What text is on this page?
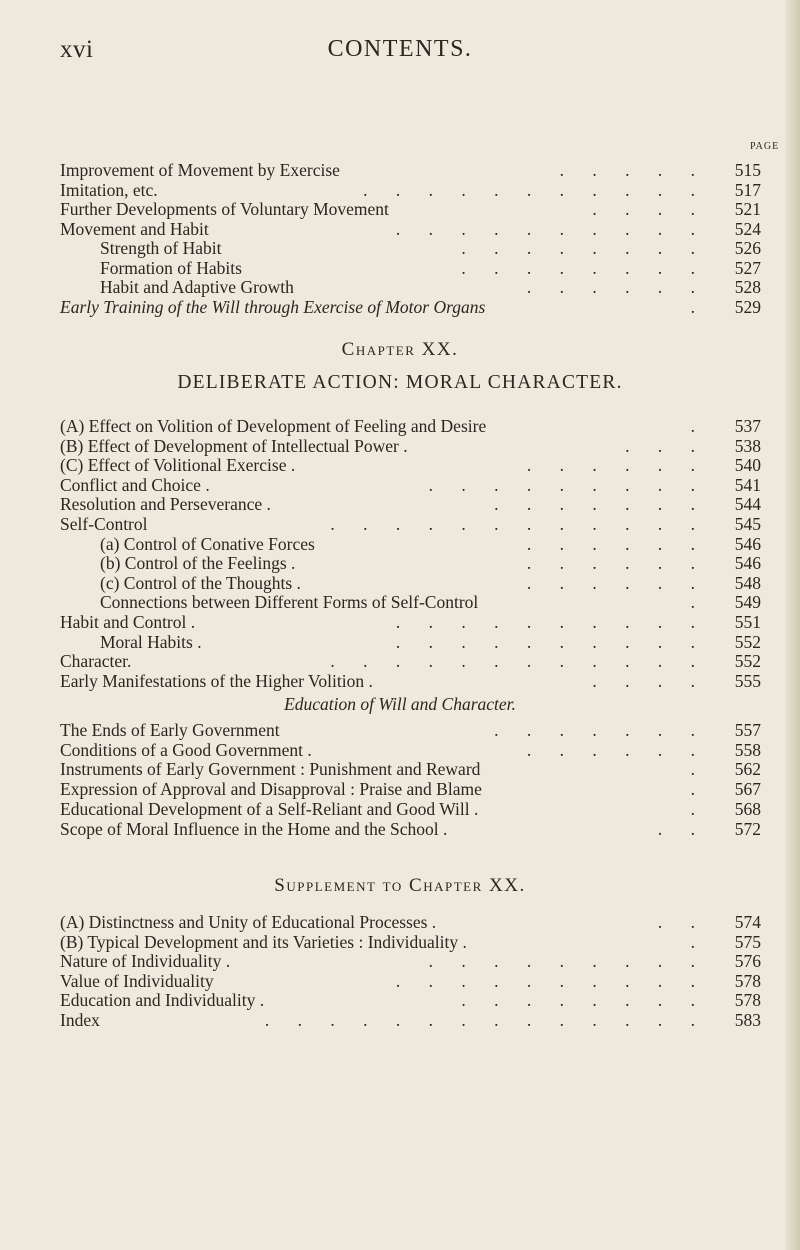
xvi	CONTENTS.
PAGE
Improvement of Movement by Exercise	. . . . .	515
Imitation, etc.	. . . . . . . . . . .	517
Further Developments of Voluntary Movement	. . . .	521
Movement and Habit	. . . . . . . . . .	524
Strength of Habit	. . . . . . . .	526
Formation of Habits	. . . . . . . .	527
Habit and Adaptive Growth	. . . . . .	528
Early Training of the Will through Exercise of Motor Organs	.	529
(A) Effect on Volition of Development of Feeling and Desire	.	537
(B) Effect of Development of Intellectual Power .	. . .	538
(C) Effect of Volitional Exercise .	. . . . . .	540
Conflict and Choice .	. . . . . . . . .	541
Resolution and Perseverance .	. . . . . . .	544
Self-Control	. . . . . . . . . . . .	545
(a) Control of Conative Forces	. . . . . .	546
(b) Control of the Feelings .	. . . . . .	546
(c) Control of the Thoughts .	. . . . . .	548
Connections between Different Forms of Self-Control	.	549
Habit and Control .	. . . . . . . . . .	551
Moral Habits .	. . . . . . . . . .	552
Character.	. . . . . . . . . . . .	552
Early Manifestations of the Higher Volition .	. . . .	555
The Ends of Early Government	. . . . . . .	557
Conditions of a Good Government .	. . . . . .	558
Instruments of Early Government : Punishment and Reward	.	562
Expression of Approval and Disapproval : Praise and Blame	.	567
Educational Development of a Self-Reliant and Good Will .	.	568
Scope of Moral Influence in the Home and the School .	. .	572
(A) Distinctness and Unity of Educational Processes .	. .	574
(B) Typical Development and its Varieties : Individuality .	.	575
Nature of Individuality .	. . . . . . . . .	576
Value of Individuality	. . . . . . . . . .	578
Education and Individuality .	. . . . . . . .	578
Index	. . . . . . . . . . . . . .	583
Chapter XX.
DELIBERATE ACTION: MORAL CHARACTER.
Education of Will and Character.
Supplement to Chapter XX.
